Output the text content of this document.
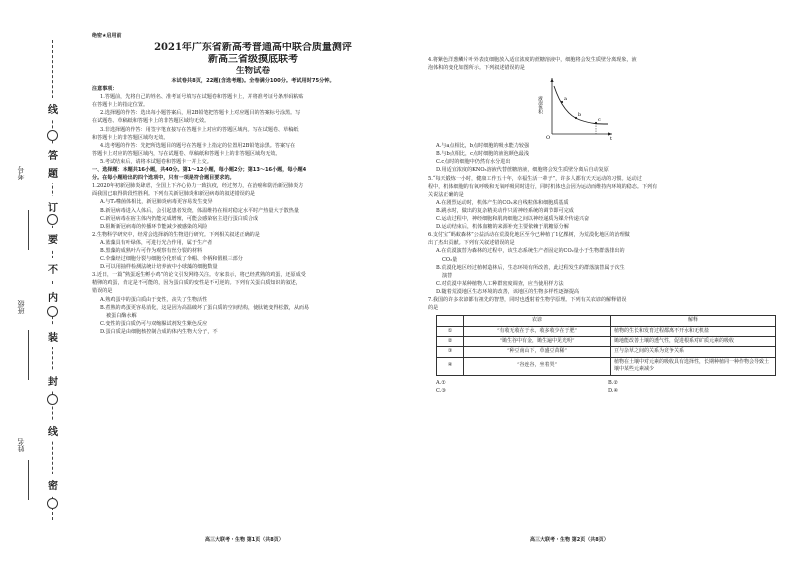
考号
班级
姓名
线
答
题
订
要
不
内
装
封
线
密

绝密★启用前

2021年广东省新高考普通高中联合质量测评

新高三省级摸底联考

生物试卷

本试卷共8页，22题(含选考题)。全卷满分100分。考试用时75分钟。

注意事项：

1.答题前，先将自己的姓名、准考证号填写在试题卷和答题卡上，并将准考证号条形码粘贴

在答题卡上的指定位置。

2.选择题的作答：选出每小题答案后，用2B铅笔把答题卡上对应题目的答案标号涂黑。写

在试题卷、草稿纸和答题卡上的非答题区域均无效。

3.非选择题的作答：用签字笔直接写在答题卡上对应的答题区域内。写在试题卷、草稿纸

和答题卡上的非答题区域均无效。

4.选考题的作答：先把所选题目的题号在答题卡上指定的位置用2B铅笔涂黑。答案写在

答题卡上对应的答题区域内，写在试题卷、草稿纸和答题卡上的非答题区域均无效。

5.考试结束后，请将本试题卷和答题卡一并上交。

一、选择题：本题共16小题，共40分。第1～12小题，每小题2分；第13～16小题，每小题4

分。在每小题给出的四个选项中，只有一项是符合题目要求的。

1.2020年初新冠肺炎肆虐，全国上下齐心协力一致抗疫，经过努力，在治癌和防治新冠肺炎方

面我国已取得阶段性胜利。下列有关新冠肺炎和新冠病毒的叙述错误的是

A.与T₂噬菌体相比，新冠肺炎病毒更容易发生变异

B.新冠病毒进入人体后，会引起患者发烧，体温维持在相对稳定水平时产热量大于散热量

C.新冠病毒在宿主体内仍能完成增殖，可能会感染宿主进行蛋白质合成

D.阻断新冠病毒的传播环节能减少被感染的风险

2.生物科学研究中，经常会选择新的生物进行研究。下列相关叙述正确的是

A.蓝藻具有叶绿体，可进行光合作用，属于生产者

B.黑藻的成熟叶片可作为观察有丝分裂的材料

C.伞藻经过细胞分裂与细胞分化形成了伞帽、伞柄和假根三部分

D.可以用抽样检测法统计培养液中小球藻的细胞数量

3.近日，一篇“熟蛋返生孵小鸡”的论文引发网络关注。专家表示，将已经煮熟的鸡蛋，还原成受

精卵的鸡蛋，肯定是不可能的，因为蛋白质的变性是不可逆的。下列有关蛋白质知识的叙述，

错误的是

A.熟鸡蛋中的蛋白质由于变性，丧失了生物活性

B.煮熟的鸡蛋更容易消化，这是因为高温破坏了蛋白质的空间结构，使肽链变得松散，从而易

被蛋白酶水解

C.变性的蛋白质仍可与双缩脲试剂发生紫色反应

D.蛋白质是由细胞核控制合成的体内生物大分子，不

4.将紫色洋葱鳞片叶外表皮细胞放入适宜浓度的蔗糖溶液中，细胞将会发生质壁分离现象，液

泡体积的变化如图所示。下列叙述错误的是

a
b
c
O	t
液泡体积

A.与a点相比，b点时细胞的吸水能力较强

B.与b点相比，c点时细胞的液泡颜色最浅

C.c点时的细胞中仍然有水分进出

D.用适宜浓度的KNO₃溶液代替蔗糖溶液，细胞将会发生质壁分离后自动复原

5.“每天锻炼一小时，健康工作五十年，幸福生活一辈子”，许多人都有天天运动的习惯。运动过

程中，机体细胞的有氧呼吸和无氧呼吸同时进行，同时机体也会因为运动而维持内环境的稳态。下列有

关说法正确的是

A.在剧烈运动时，机体产生的CO₂来自线粒体和细胞质基质

B.跳水时，做出的复杂精美动作只需神经系统的调节即可完成

C.运动过程中，神经细胞和肌肉细胞之间以神经递质为媒介传递兴奋

D.运动结束后，机体血糖的来源补充主要依赖于肌糖原分解

6.支付宝“蚂蚁森林”公益活动在荒漠化地区至今已种植了1亿棵树，为荒漠化地区的治理做

出了杰出贡献。下列有关叙述错误的是

A.在荒漠演替为森林的过程中，该生态系统生产者固定的CO₂量小于生物群落排出的

CO₂量

B.荒漠化地区经过植树造林后，生态环境有所改善，此过程发生的群落演替属于次生

演替

C.对荒漠中某种植物人工种群密度调查，应当使用样方法

D.随着荒漠地区生态环境的改善，该地区的生物多样性逐渐提高

7.我国的许多农谚都有祖先的智慧，同时也透射着生物学原理。下列有关农谚的解释错误

的是

	农谚	解释
①	“有收无收在于水，收多收少在于肥”	植物的生长和发育过程都离不开水和无机盐
②	“锄生谷中有金，锄生遍中见光明”	锄地能改善土壤的透气性，促进根系对矿质元素的吸收
③	“种豆南山下，草盛豆苗稀”	豆与杂草之间的关系为竞争关系
④	“谷连谷，坐着哭”	植物在土壤中对元素的吸收具有选择性，长期种植同一种作物会导致土壤中某些元素减少
A.①	B.②
C.③	D.④
高三大联考・生物 第1页（共8页）	高三大联考・生物 第2页（共8页）
